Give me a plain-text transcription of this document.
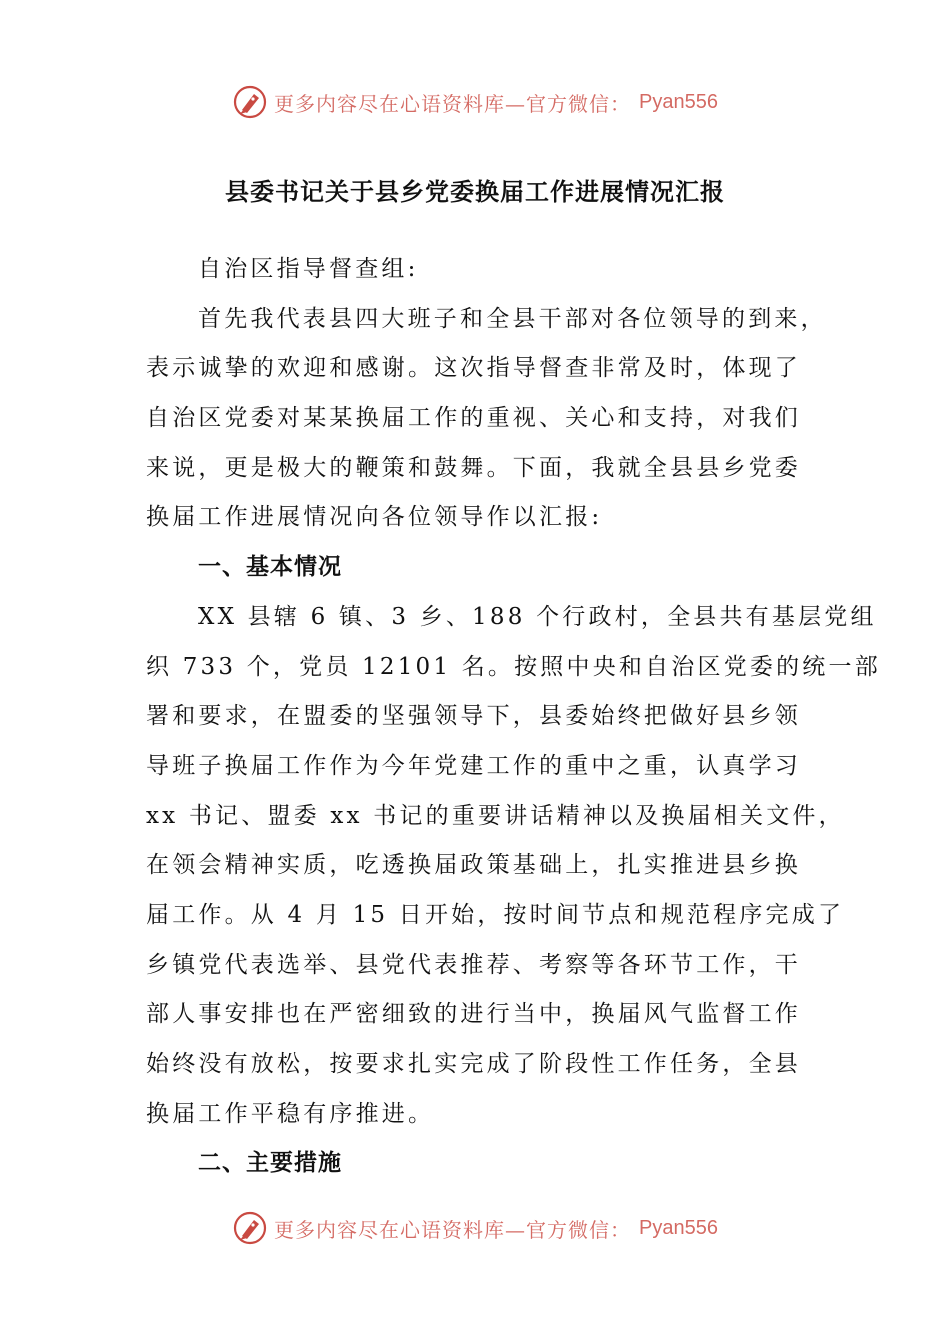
更多内容尽在心语资料库—官方微信： Pyan556
县委书记关于县乡党委换届工作进展情况汇报
自治区指导督查组:
首先我代表县四大班子和全县干部对各位领导的到来，
表示诚挚的欢迎和感谢。这次指导督查非常及时，体现了
自治区党委对某某换届工作的重视、关心和支持，对我们
来说，更是极大的鞭策和鼓舞。下面，我就全县县乡党委
换届工作进展情况向各位领导作以汇报:
一、基本情况
XX 县辖 6 镇、3 乡、188 个行政村，全县共有基层党组
织 733 个，党员 12101 名。按照中央和自治区党委的统一部
署和要求，在盟委的坚强领导下，县委始终把做好县乡领
导班子换届工作作为今年党建工作的重中之重，认真学习
xx 书记、盟委 xx 书记的重要讲话精神以及换届相关文件，
在领会精神实质，吃透换届政策基础上，扎实推进县乡换
届工作。从 4 月 15 日开始，按时间节点和规范程序完成了
乡镇党代表选举、县党代表推荐、考察等各环节工作，干
部人事安排也在严密细致的进行当中，换届风气监督工作
始终没有放松，按要求扎实完成了阶段性工作任务，全县
换届工作平稳有序推进。
二、主要措施
更多内容尽在心语资料库—官方微信： Pyan556
